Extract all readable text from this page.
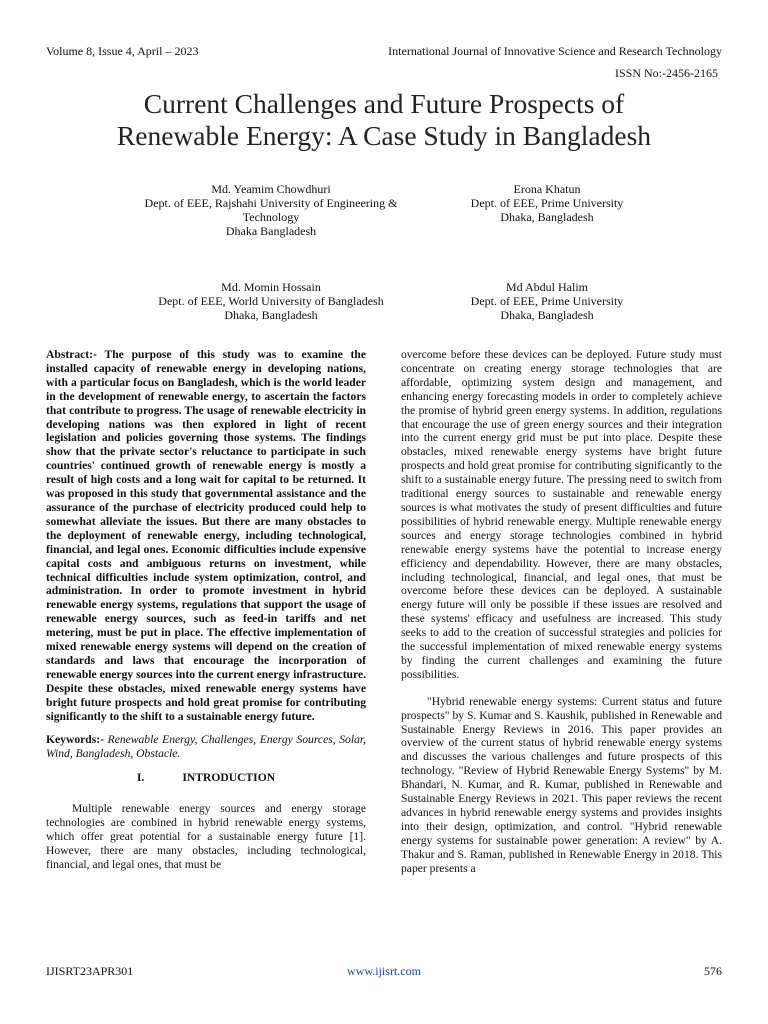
Volume 8, Issue 4, April – 2023	International Journal of Innovative Science and Research Technology
ISSN No:-2456-2165
Current Challenges and Future Prospects of
Renewable Energy: A Case Study in Bangladesh
Md. Yeamim Chowdhuri
Dept. of EEE, Rajshahi University of Engineering &
Technology
Dhaka Bangladesh
Erona Khatun
Dept. of EEE, Prime University
Dhaka, Bangladesh
Md. Momin Hossain
Dept. of EEE, World University of Bangladesh
Dhaka, Bangladesh
Md Abdul Halim
Dept. of EEE, Prime University
Dhaka, Bangladesh

Abstract:- The purpose of this study was to examine the installed capacity of renewable energy in developing nations, with a particular focus on Bangladesh, which is the world leader in the development of renewable energy, to ascertain the factors that contribute to progress. The usage of renewable electricity in developing nations was then explored in light of recent legislation and policies governing those systems. The findings show that the private sector's reluctance to participate in such countries' continued growth of renewable energy is mostly a result of high costs and a long wait for capital to be returned. It was proposed in this study that governmental assistance and the assurance of the purchase of electricity produced could help to somewhat alleviate the issues. But there are many obstacles to the deployment of renewable energy, including technological, financial, and legal ones. Economic difficulties include expensive capital costs and ambiguous returns on investment, while technical difficulties include system optimization, control, and administration. In order to promote investment in hybrid renewable energy systems, regulations that support the usage of renewable energy sources, such as feed-in tariffs and net metering, must be put in place. The effective implementation of mixed renewable energy systems will depend on the creation of standards and laws that encourage the incorporation of renewable energy sources into the current energy infrastructure. Despite these obstacles, mixed renewable energy systems have bright future prospects and hold great promise for contributing significantly to the shift to a sustainable energy future.

Keywords:- Renewable Energy, Challenges, Energy Sources, Solar, Wind, Bangladesh, Obstacle.

I.	INTRODUCTION

Multiple renewable energy sources and energy storage technologies are combined in hybrid renewable energy systems, which offer great potential for a sustainable energy future [1]. However, there are many obstacles, including technological, financial, and legal ones, that must be

overcome before these devices can be deployed. Future study must concentrate on creating energy storage technologies that are affordable, optimizing system design and management, and enhancing energy forecasting models in order to completely achieve the promise of hybrid green energy systems. In addition, regulations that encourage the use of green energy sources and their integration into the current energy grid must be put into place. Despite these obstacles, mixed renewable energy systems have bright future prospects and hold great promise for contributing significantly to the shift to a sustainable energy future. The pressing need to switch from traditional energy sources to sustainable and renewable energy sources is what motivates the study of present difficulties and future possibilities of hybrid renewable energy. Multiple renewable energy sources and energy storage technologies combined in hybrid renewable energy systems have the potential to increase energy efficiency and dependability. However, there are many obstacles, including technological, financial, and legal ones, that must be overcome before these devices can be deployed. A sustainable energy future will only be possible if these issues are resolved and these systems' efficacy and usefulness are increased. This study seeks to add to the creation of successful strategies and policies for the successful implementation of mixed renewable energy systems by finding the current challenges and examining the future possibilities.

"Hybrid renewable energy systems: Current status and future prospects" by S. Kumar and S. Kaushik, published in Renewable and Sustainable Energy Reviews in 2016. This paper provides an overview of the current status of hybrid renewable energy systems and discusses the various challenges and future prospects of this technology. "Review of Hybrid Renewable Energy Systems" by M. Bhandari, N. Kumar, and R. Kumar, published in Renewable and Sustainable Energy Reviews in 2021. This paper reviews the recent advances in hybrid renewable energy systems and provides insights into their design, optimization, and control. "Hybrid renewable energy systems for sustainable power generation: A review" by A. Thakur and S. Raman, published in Renewable Energy in 2018. This paper presents a

IJISRT23APR301	www.ijisrt.com	576
